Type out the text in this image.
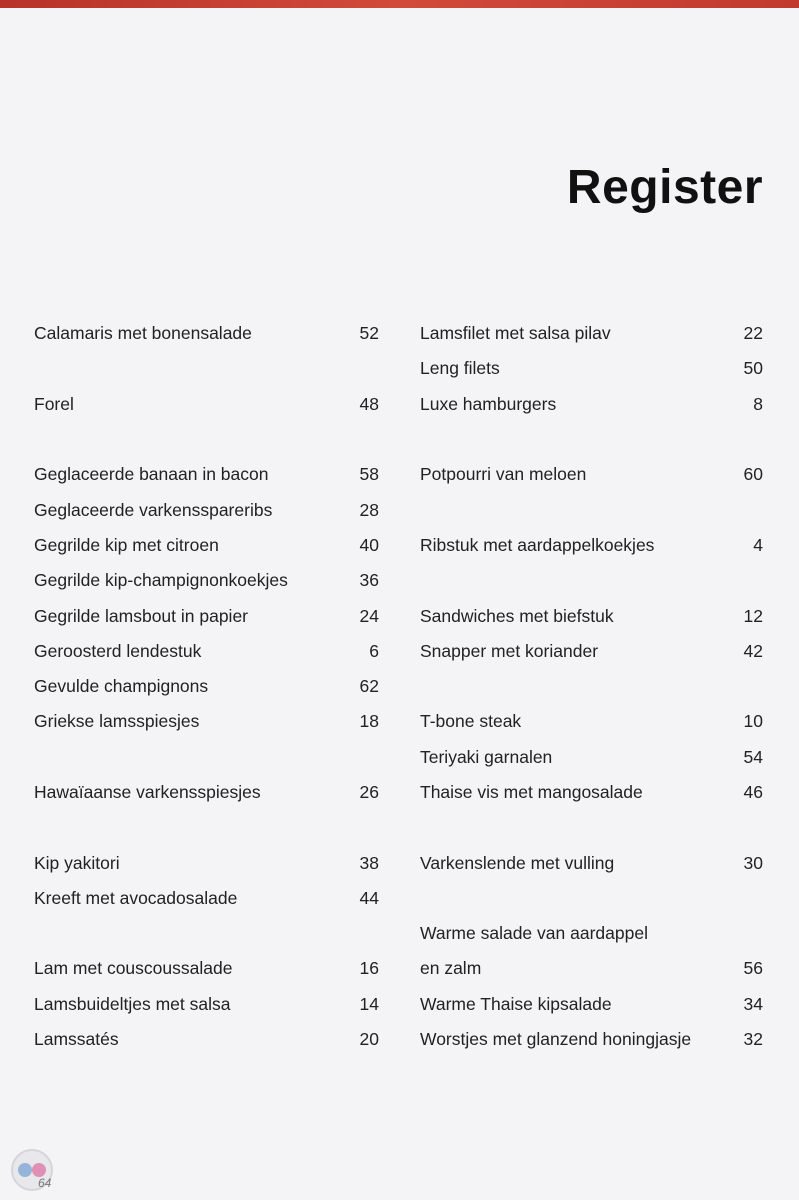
Register
Calamaris met bonensalade	52
Forel	48
Geglaceerde banaan in bacon	58
Geglaceerde varkensspareribs	28
Gegrilde kip met citroen	40
Gegrilde kip-champignonkoekjes	36
Gegrilde lamsbout in papier	24
Geroosterd lendestuk	6
Gevulde champignons	62
Griekse lamsspiesjes	18
Hawaïaanse varkensspiesjes	26
Kip yakitori	38
Kreeft met avocadosalade	44
Lam met couscoussalade	16
Lamsbuideltjes met salsa	14
Lamssatés	20
Lamsfilet met salsa pilav	22
Leng filets	50
Luxe hamburgers	8
Potpourri van meloen	60
Ribstuk met aardappelkoekjes	4
Sandwiches met biefstuk	12
Snapper met koriander	42
T-bone steak	10
Teriyaki garnalen	54
Thaise vis met mangosalade	46
Varkenslende met vulling	30
Warme salade van aardappel
en zalm	56
Warme Thaise kipsalade	34
Worstjes met glanzend honingjasje	32
64
